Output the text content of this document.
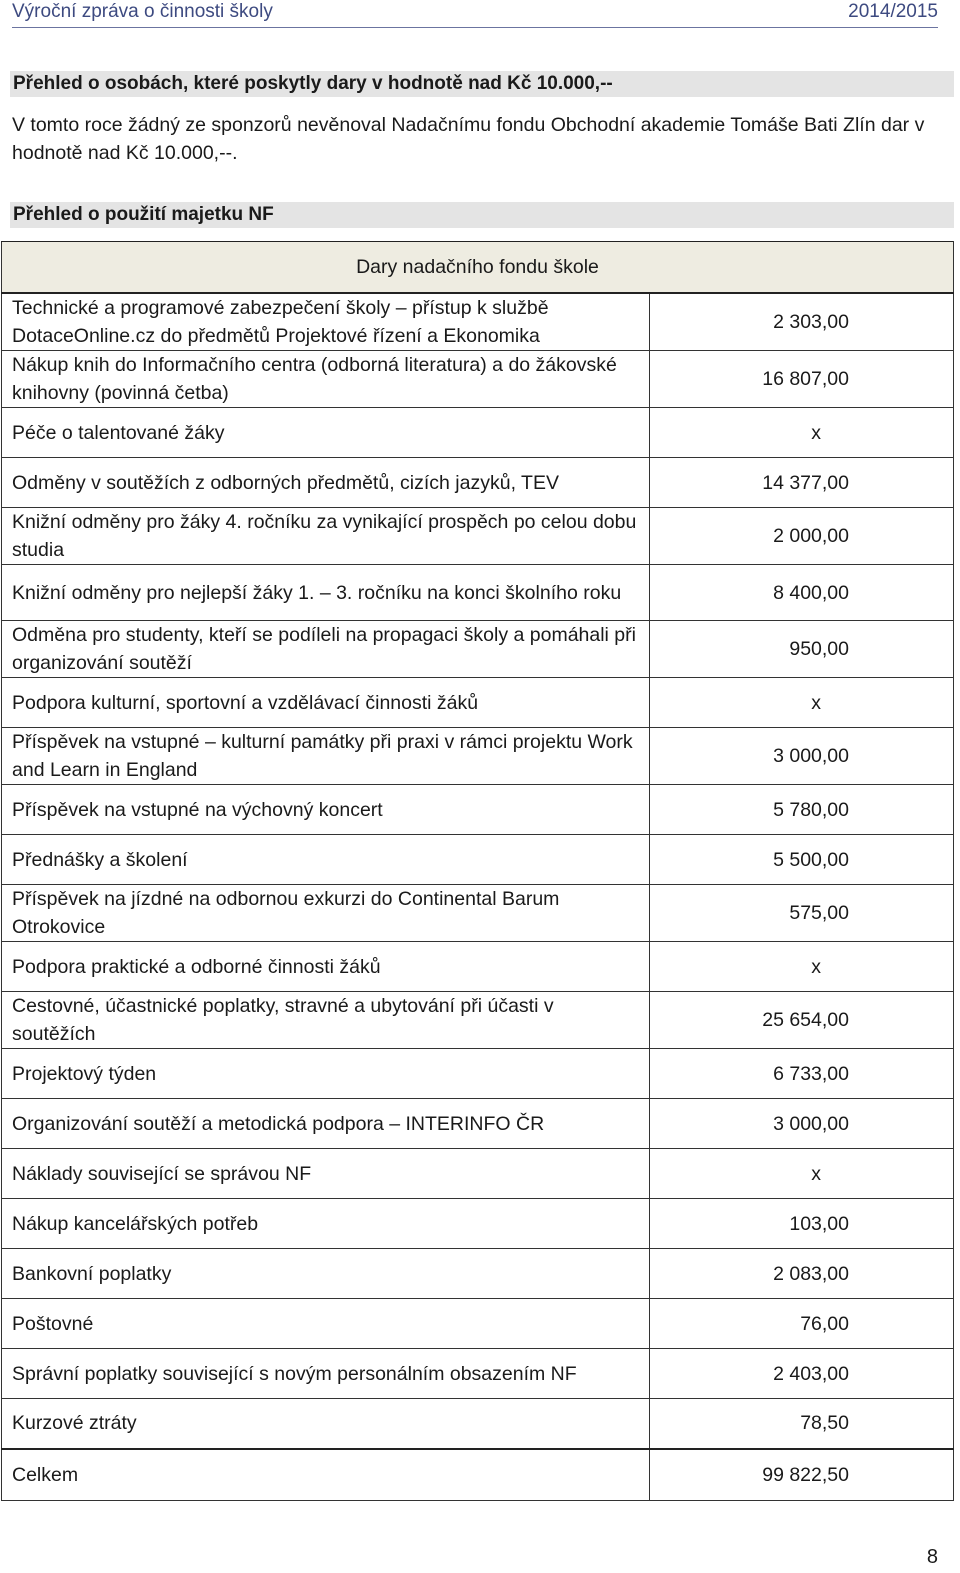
Výroční zpráva o činnosti školy	2014/2015
Přehled o osobách, které poskytly dary v hodnotě nad Kč 10.000,--

V tomto roce žádný ze sponzorů nevěnoval Nadačnímu fondu Obchodní akademie Tomáše Bati Zlín dar v hodnotě nad Kč 10.000,--.

Přehled o použití majetku NF
Dary nadačního fondu škole	
Technické a programové zabezpečení školy – přístup k službě DotaceOnline.cz do předmětů Projektové řízení a Ekonomika	2 303,00
Nákup knih do Informačního centra (odborná literatura) a do žákovské knihovny (povinná četba)	16 807,00
Péče o talentované žáky	x
Odměny v soutěžích z odborných předmětů, cizích jazyků, TEV	14 377,00
Knižní odměny pro žáky 4. ročníku za vynikající prospěch po celou dobu studia	2 000,00
Knižní odměny pro nejlepší žáky 1. – 3. ročníku na konci školního roku	8 400,00
Odměna pro studenty, kteří se podíleli na propagaci školy a pomáhali při organizování soutěží	950,00
Podpora kulturní, sportovní a vzdělávací činnosti žáků	x
Příspěvek na vstupné – kulturní památky při praxi v rámci projektu Work and Learn in England	3 000,00
Příspěvek na vstupné na výchovný koncert	5 780,00
Přednášky a školení	5 500,00
Příspěvek na jízdné na odbornou exkurzi do Continental Barum Otrokovice	575,00
Podpora praktické a odborné činnosti žáků	x
Cestovné, účastnické poplatky, stravné a ubytování při účasti v soutěžích	25 654,00
Projektový týden	6 733,00
Organizování soutěží a metodická podpora – INTERINFO ČR	3 000,00
Náklady související se správou NF	x
Nákup kancelářských potřeb	103,00
Bankovní poplatky	2 083,00
Poštovné	76,00
Správní poplatky související s novým personálním obsazením NF	2 403,00
Kurzové ztráty	78,50
Celkem	99 822,50
8
